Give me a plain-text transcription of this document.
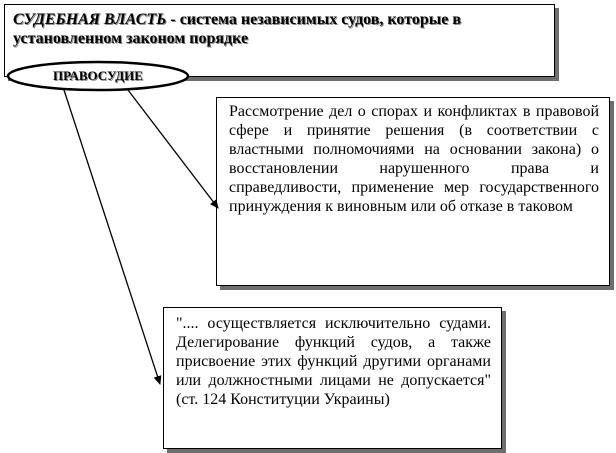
СУДЕБНАЯ ВЛАСТЬ - система независимых судов, которые в установленном законом порядке
Рассмотрение дел о спорах и конфликтах в правовой сфере и принятие решения (в соответствии с властными полномочиями на основании закона) о восстановлении нарушенного права и справедливости, применение мер государственного принуждения к виновным или об отказе в таковом
".... осуществляется исключительно судами. Делегирование функций судов, а также присвоение этих функций другими органами или должностными лицами не допускается" (ст. 124 Конституции Украины)
ПРАВОСУДИЕ
